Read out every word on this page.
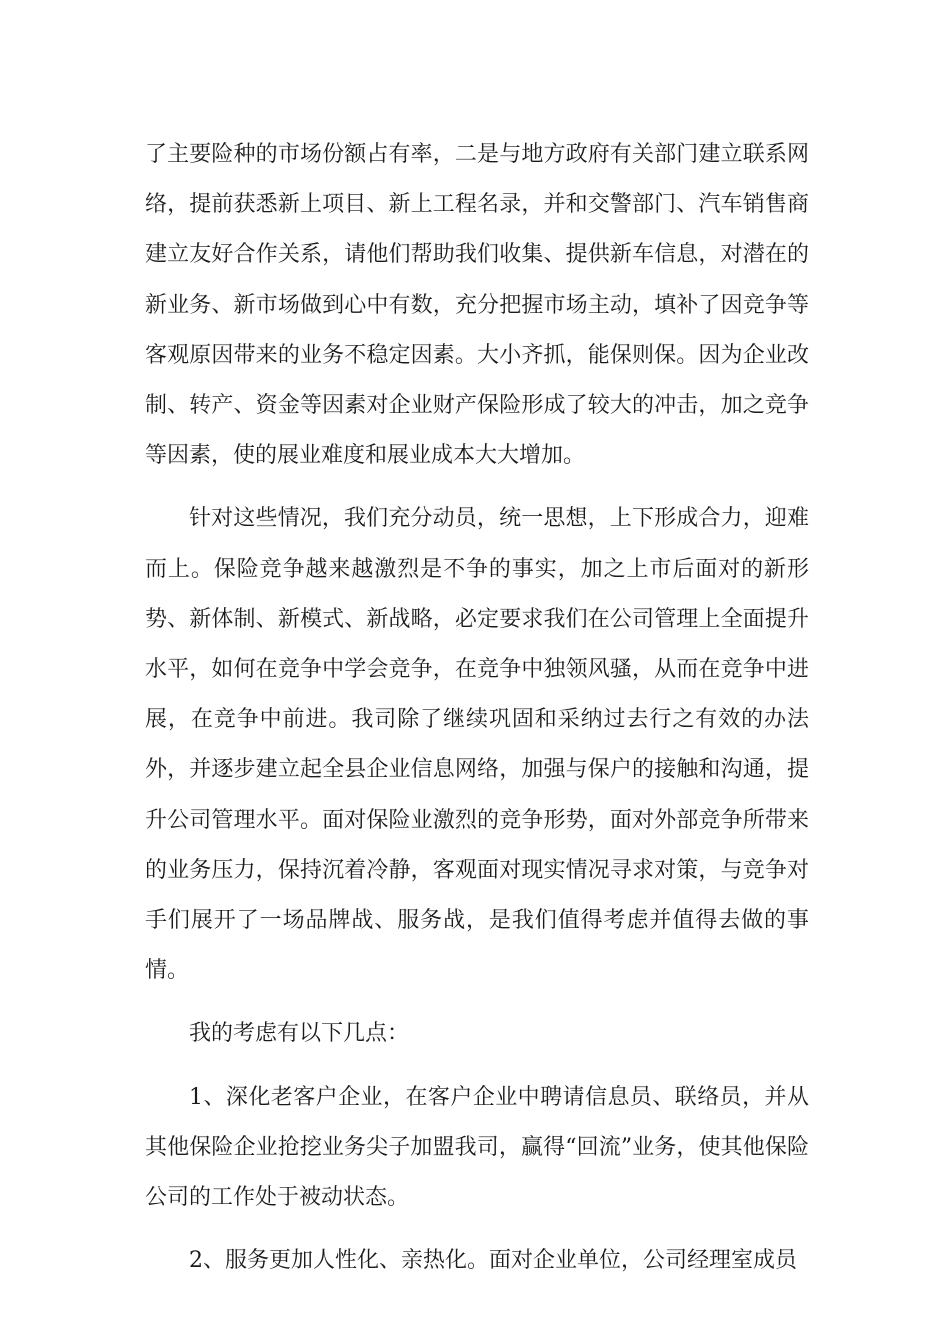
了主要险种的市场份额占有率，二是与地方政府有关部门建立联系网络，提前获悉新上项目、新上工程名录，并和交警部门、汽车销售商建立友好合作关系，请他们帮助我们收集、提供新车信息，对潜在的新业务、新市场做到心中有数，充分把握市场主动，填补了因竞争等客观原因带来的业务不稳定因素。大小齐抓，能保则保。因为企业改制、转产、资金等因素对企业财产保险形成了较大的冲击，加之竞争等因素，使的展业难度和展业成本大大增加。

针对这些情况，我们充分动员，统一思想，上下形成合力，迎难而上。保险竞争越来越激烈是不争的事实，加之上市后面对的新形势、新体制、新模式、新战略，必定要求我们在公司管理上全面提升水平，如何在竞争中学会竞争，在竞争中独领风骚，从而在竞争中进展，在竞争中前进。我司除了继续巩固和采纳过去行之有效的办法外，并逐步建立起全县企业信息网络，加强与保户的接触和沟通，提升公司管理水平。面对保险业激烈的竞争形势，面对外部竞争所带来的业务压力，保持沉着冷静，客观面对现实情况寻求对策，与竞争对手们展开了一场品牌战、服务战，是我们值得考虑并值得去做的事情。

我的考虑有以下几点：

1、深化老客户企业，在客户企业中聘请信息员、联络员，并从其他保险企业抢挖业务尖子加盟我司，赢得“回流”业务，使其他保险公司的工作处于被动状态。

2、服务更加人性化、亲热化。面对企业单位，公司经理室成员
